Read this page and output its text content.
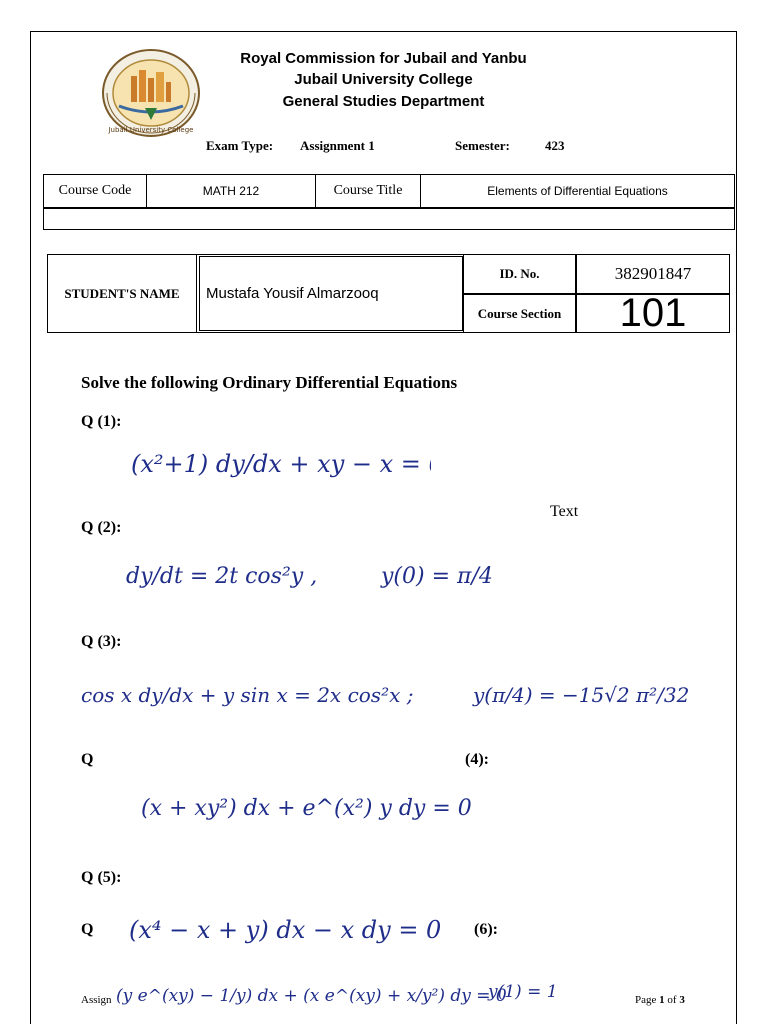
Jubail University College
Royal Commission for Jubail and Yanbu
Jubail University College
General Studies Department
Exam Type: Assignment 1	Semester:	423
Course Code	MATH 212	Course Title	Elements of Differential Equations
STUDENT'S NAME	Mustafa Yousif Almarzooq
ID. No.	382901847
Course Section	101
Solve the following Ordinary Differential Equations
Q (1):
(x²+1) dy/dx + xy − x = 0
Text
Q (2):
dy/dt = 2t cos²y ,	y(0) = π/4
Q (3):
cos x dy/dx + y sin x = 2x cos²x ;	y(π/4) = −15√2 π²/32
Q	(4):
(x + xy²) dx + e^(x²) y dy = 0
Q (5):
(x⁴ − x + y) dx − x dy = 0
Q	(6):
(y e^(xy) − 1/y) dx + (x e^(xy) + x/y²) dy = 0
y(1) = 1
Assign	Page 1 of 3
